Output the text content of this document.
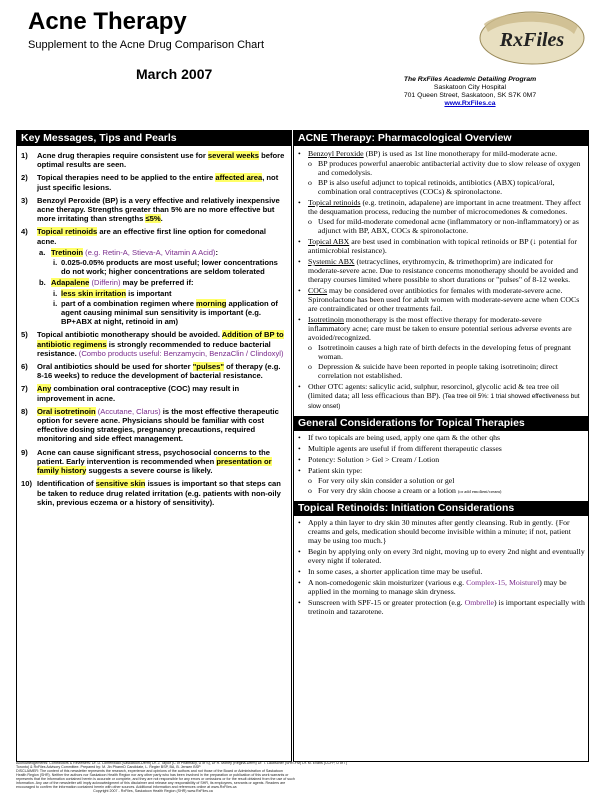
Acne Therapy
Supplement to the Acne Drug Comparison Chart
March 2007
RxFiles
The RxFiles Academic Detailing Program
Saskatoon City Hospital
701 Queen Street, Saskatoon, SK S7K 0M7
www.RxFiles.ca
Key Messages, Tips and Pearls
1) Acne drug therapies require consistent use for several weeks before optimal results are seen.
2) Topical therapies need to be applied to the entire affected area, not just specific lesions.
3) Benzoyl Peroxide (BP) is a very effective and relatively inexpensive acne therapy. Strengths greater than 5% are no more effective but more irritating than strengths ≤5%.
4) Topical retinoids are an effective first line option for comedonal acne.
a. Tretinoin (e.g. Retin-A, Stieva-A, Vitamin A Acid):
i. 0.025-0.05% products are most useful; lower concentrations do not work; higher concentrations are seldom tolerated
b. Adapalene (Differin) may be preferred if:
i. less skin irritation is important
i. part of a combination regimen where morning application of agent causing minimal sun sensitivity is important (e.g. BP+ABX at night, retinoid in am)
5) Topical antibiotic monotherapy should be avoided. Addition of BP to antibiotic regimens is strongly recommended to reduce bacterial resistance. (Combo products useful: Benzamycin, BenzaClin / Clindoxyl)
6) Oral antibiotics should be used for shorter "pulses" of therapy (e.g. 8-16 weeks) to reduce the development of bacterial resistance.
7) Any combination oral contraceptive (COC) may result in improvement in acne.
8) Oral isotretinoin (Accutane, Clarus) is the most effective therapeutic option for severe acne. Physicians should be familiar with cost effective dosing strategies, pregnancy precautions, required monitoring and side effect management.
9) Acne can cause significant stress, psychosocial concerns to the patient. Early intervention is recommended when presentation or family history suggests a severe course is likely.
10) Identification of sensitive skin issues is important so that steps can be taken to reduce drug related irritation (e.g. patients with non-oily skin, previous eczema or a history of sensitivity).
ACNE Therapy: Pharmacological Overview
• Benzoyl Peroxide (BP) is used as 1st line monotherapy for mild-moderate acne.
o BP produces powerful anaerobic antibacterial activity due to slow release of oxygen and comedolysis.
o BP is also useful adjunct to topical retinoids, antibiotics (ABX) topical/oral, combination oral contraceptives (COCs) & spironolactone.
• Topical retinoids (e.g. tretinoin, adapalene) are important in acne treatment. They affect the desquamation process, reducing the number of microcomedones & comedones.
o Used for mild-moderate comedonal acne (inflammatory or non-inflammatory) or as adjunct with BP, ABX, COCs & spironolactone.
• Topical ABX are best used in combination with topical retinoids or BP (↓ potential for antimicrobial resistance).
• Systemic ABX (tetracyclines, erythromycin, & trimethoprim) are indicated for moderate-severe acne. Due to resistance concerns monotherapy should be avoided and therapy courses limited where possible to short durations or "pulses" of 8-12 weeks.
• COCs may be considered over antibiotics for females with moderate-severe acne. Spironolactone has been used for adult women with moderate-severe acne when COCs are contraindicated or other treatments fail.
• Isotretinoin monotherapy is the most effective therapy for moderate-severe inflammatory acne; care must be taken to ensure potential serious adverse events are avoided/recognized.
o Isotretinoin causes a high rate of birth defects in the developing fetus of pregnant woman.
o Depression & suicide have been reported in people taking isotretinoin; direct correlation not established.
• Other OTC agents: salicylic acid, sulphur, resorcinol, glycolic acid & tea tree oil (limited data; all less efficacious than BP). (Tea tree oil 5%: 1 trial showed effectiveness but slow onset)
General Considerations for Topical Therapies
• If two topicals are being used, apply one qam & the other qhs
• Multiple agents are useful if from different therapeutic classes
• Potency: Solution > Gel > Cream / Lotion
• Patient skin type:
o For very oily skin consider a solution or gel
o For very dry skin choose a cream or a lotion (or add emolient/cream)
Topical Retinoids: Initiation Considerations
• Apply a thin layer to dry skin 30 minutes after gently cleansing. Rub in gently. {For creams and gels, medication should become invisible within a minute; if not, patient may be using too much.}
• Begin by applying only on every 3rd night, moving up to every 2nd night and eventually every night if tolerated.
• In some cases, a shorter application time may be useful.
• A non-comedogenic skin moisturizer (various e.g. Complex-15, Moisturel) may be applied in the morning to manage skin dryness.
• Sunscreen with SPF-15 or greater protection (e.g. Ombrelle) is important especially with tretinoin and tazarotene.
Acknowledgements: Contributors & Reviewers: Dr. D. Lohrenwald (Saskatoon-Derm) Dr. J. Taylor (C of Pharmacy, U of S), Dr R. Morley (Regina-Derm) Dr. T. Laubscher (SHR-FM) Dr. M. Evans (CCFP, U of T)
Toronto) & RxFiles Advisory Committee. Prepared by: M. Jin PharmD Candidate, L. Regier BSP, BA, B. Jensen BSP
DISCLAIMER: The content of this newsletter represents the research, experience and opinions of the authors and not those of the Board or Administration of Saskatoon
Health Region (SHR). Neither the authors nor Saskatoon Health Region nor any other party who has been involved in the preparation or publication of this work warrants or
represents that the information contained herein is accurate or complete, and they are not responsible for any errors or omissions or for the result obtained from the use of such
information. Any use of the newsletter will imply acknowledgment of this disclaimer and release any responsibility of SHR, its employees, servants or agents. Readers are
encouraged to confirm the information contained herein with other sources. Additional information and references online at www.RxFiles.ca
Copyright 2007 - RxFiles, Saskatoon Health Region (SHR) www.RxFiles.ca
